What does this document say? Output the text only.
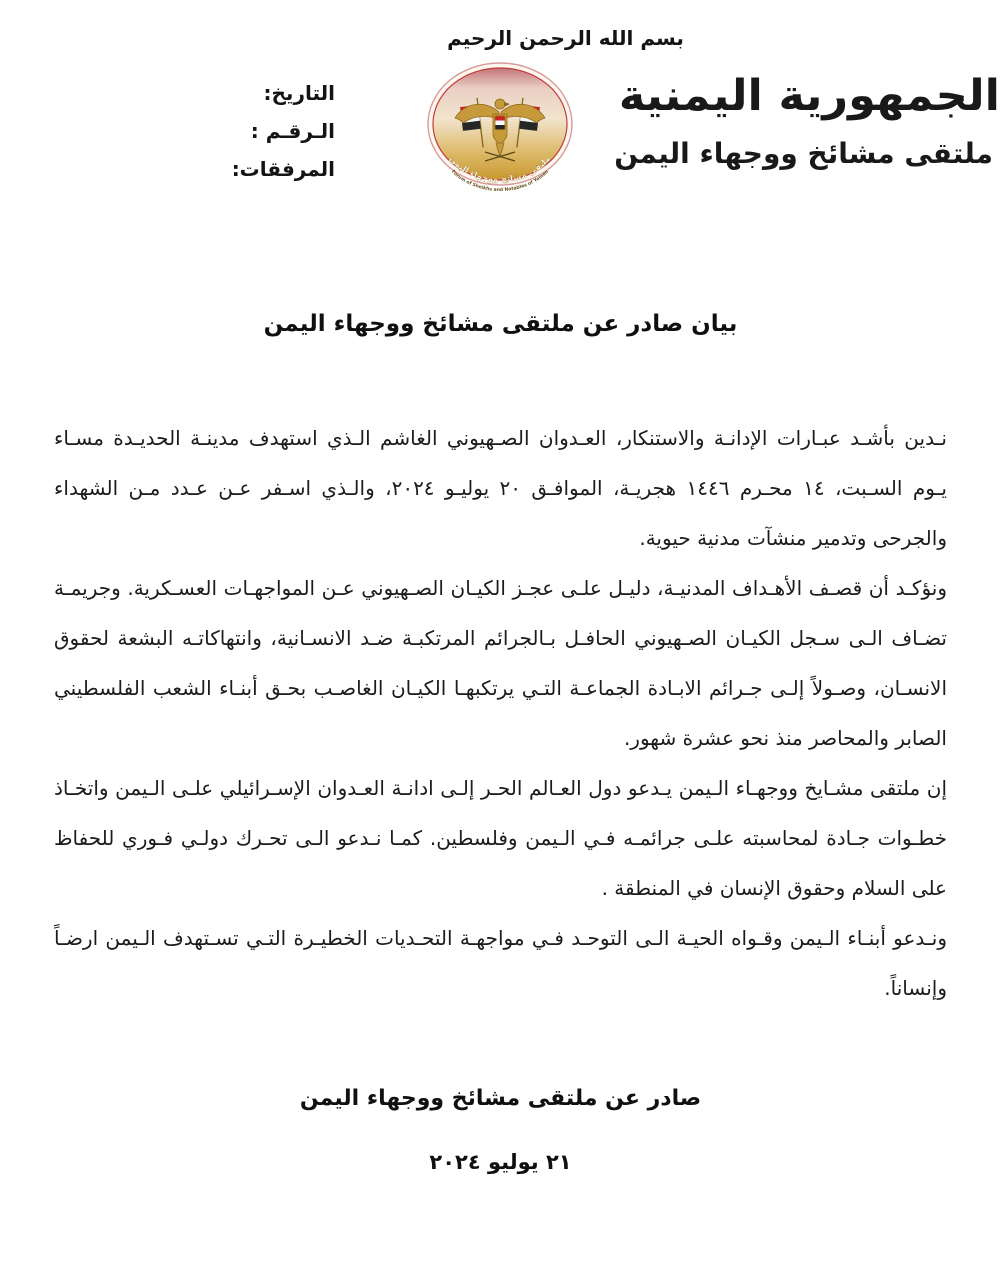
بسم الله الرحمن الرحيم
ملتقى مشائخ ووجهاء اليمن
Forum of Sheikhs and Notables of Yemen
الجمهورية اليمنية
ملتقى مشائخ ووجهاء اليمن
التاريخ:
الـرقـم :
المرفقات:
بيان صادر عن ملتقى مشائخ ووجهاء اليمن

نـدين بأشـد عبـارات الإدانـة والاستنكار، العـدوان الصـهيوني الغاشم الـذي استهدف مدينـة الحديـدة مسـاء يـوم السـبت، ١٤ محـرم ١٤٤٦ هجريـة، الموافـق ٢٠ يوليـو ٢٠٢٤، والـذي اسـفر عـن عـدد مـن الشهداء والجرحى وتدمير منشآت مدنية حيوية.

ونؤكـد أن قصـف الأهـداف المدنيـة، دليـل علـى عجـز الكيـان الصـهيوني عـن المواجهـات العسـكرية. وجريمـة تضـاف الـى سـجل الكيـان الصـهيوني الحافـل بـالجرائم المرتكبـة ضـد الانسـانية، وانتهاكاتـه البشعة لحقوق الانسـان، وصـولاً إلـى جـرائم الابـادة الجماعـة التـي يرتكبهـا الكيـان الغاصـب بحـق أبنـاء الشعب الفلسطيني الصابر والمحاصر منذ نحو عشرة شهور.

إن ملتقى مشـايخ ووجهـاء الـيمن يـدعو دول العـالم الحـر إلـى ادانـة العـدوان الإسـرائيلي علـى الـيمن واتخـاذ خطـوات جـادة لمحاسبته علـى جرائمـه فـي الـيمن وفلسطين. كمـا نـدعو الـى تحـرك دولـي فـوري للحفاظ على السلام وحقوق الإنسان في المنطقة .

ونـدعو أبنـاء الـيمن وقـواه الحيـة الـى التوحـد فـي مواجهـة التحـديات الخطيـرة التـي تسـتهدف الـيمن ارضـاً وإنساناً.

صادر عن ملتقى مشائخ ووجهاء اليمن
٢١ يوليو ٢٠٢٤
